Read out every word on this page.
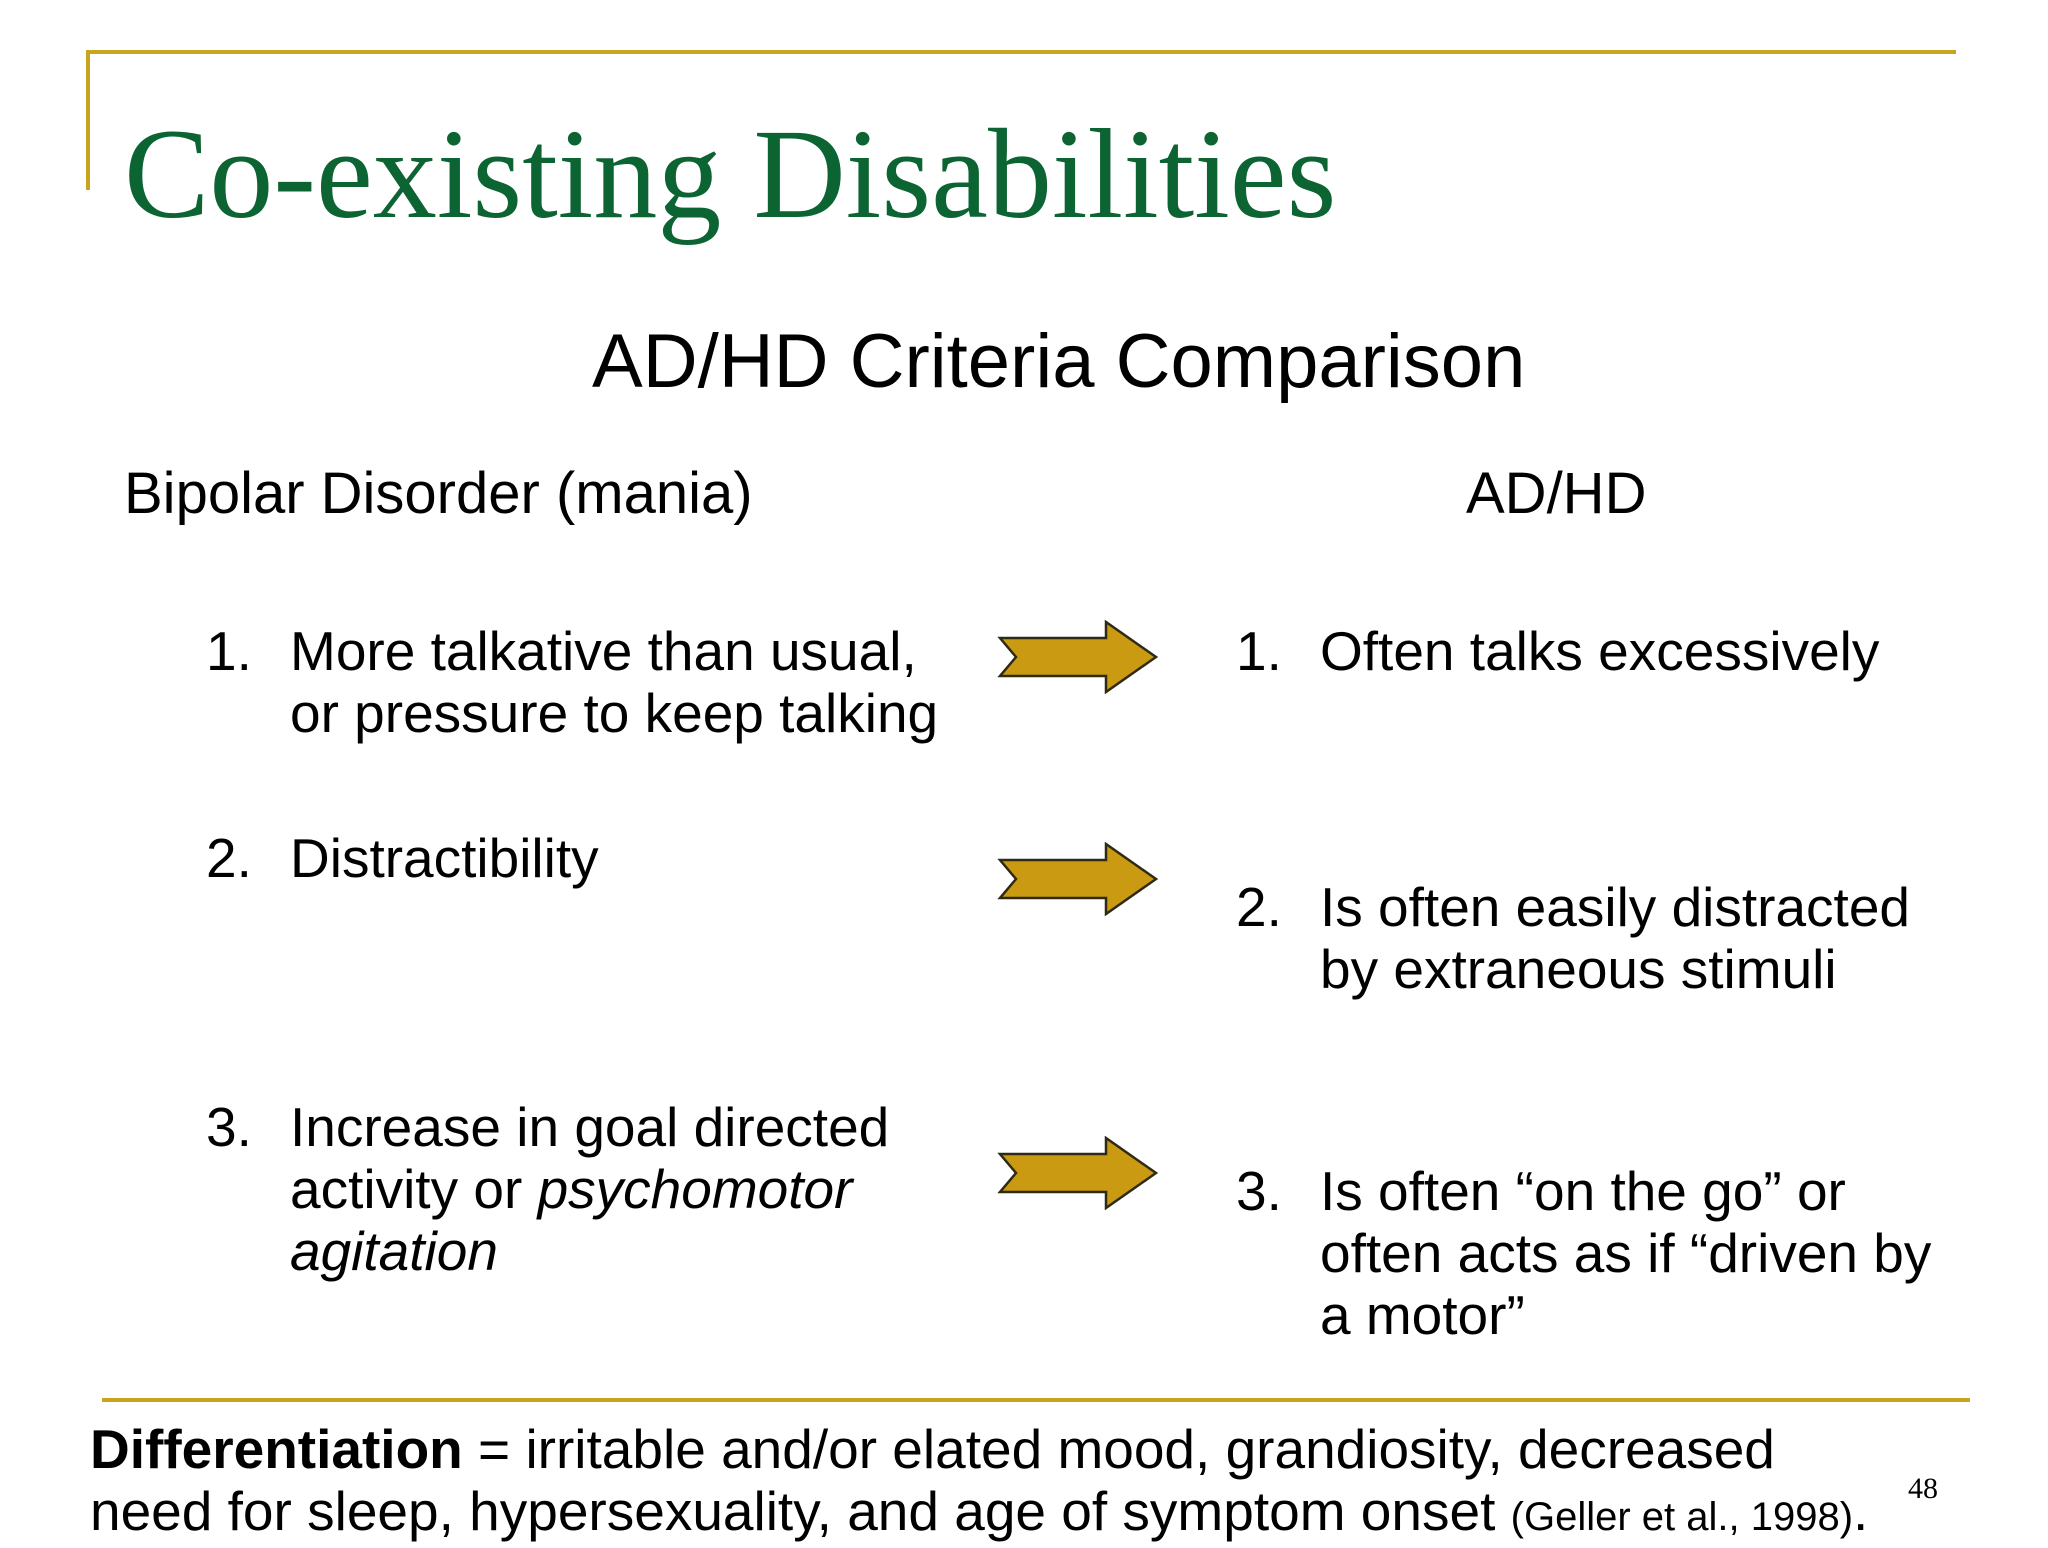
Co-existing Disabilities
AD/HD Criteria Comparison
Bipolar Disorder (mania)	AD/HD
1. More talkative than usual,
or pressure to keep talking
2. Distractibility
3. Increase in goal directed
activity or psychomotor
agitation
1. Often talks excessively
2. Is often easily distracted
by extraneous stimuli
3. Is often “on the go” or
often acts as if “driven by
a motor”
Differentiation = irritable and/or elated mood, grandiosity, decreased
need for sleep, hypersexuality, and age of symptom onset (Geller et al., 1998). 48
